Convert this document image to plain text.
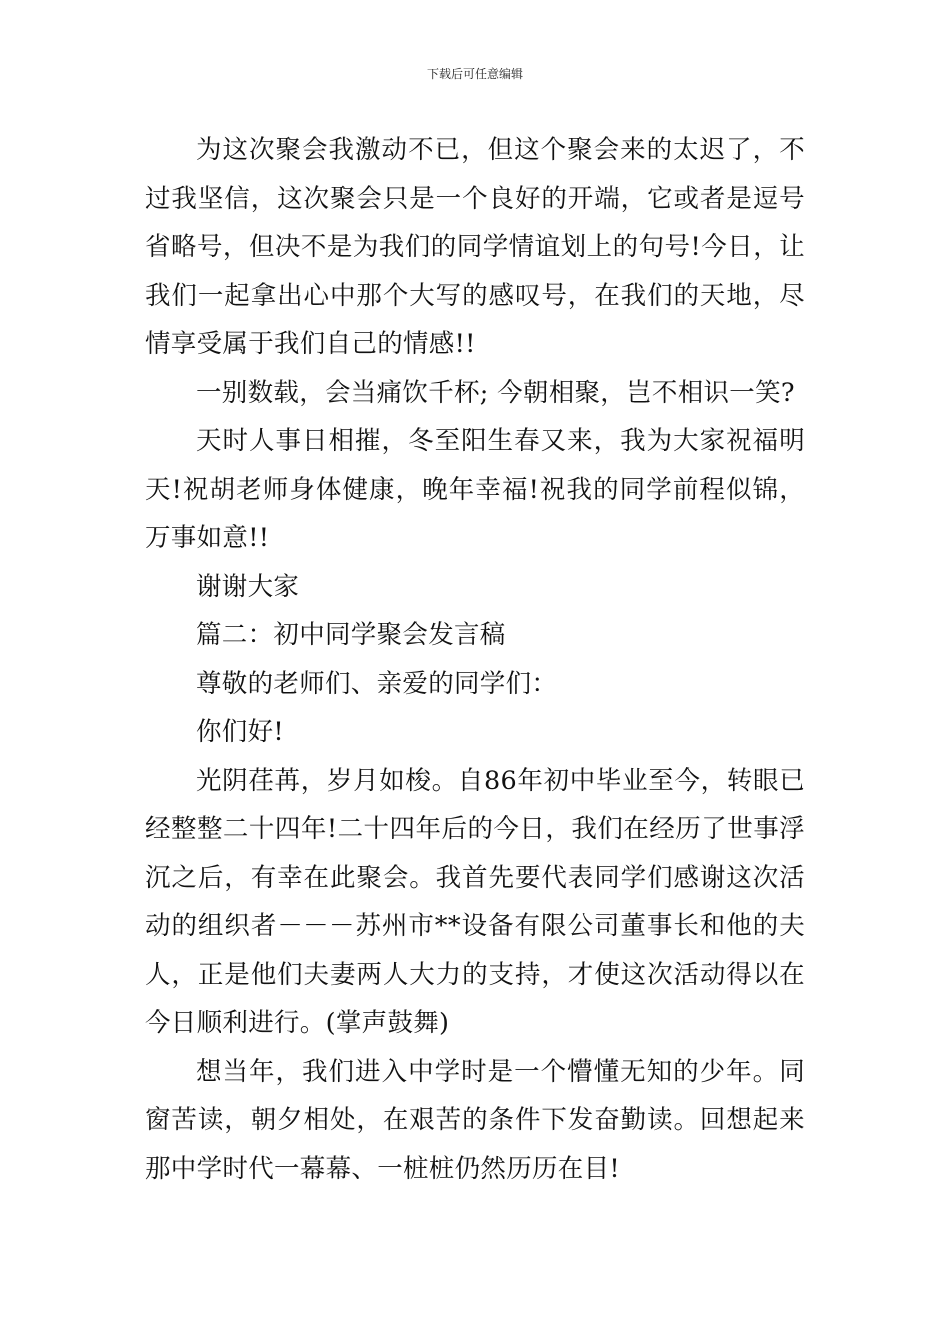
下载后可任意编辑

为这次聚会我激动不已，但这个聚会来的太迟了，不过我坚信，这次聚会只是一个良好的开端，它或者是逗号省略号，但决不是为我们的同学情谊划上的句号!今日，让我们一起拿出心中那个大写的感叹号，在我们的天地，尽情享受属于我们自己的情感!!

一别数载，会当痛饮千杯; 今朝相聚，岂不相识一笑?

天时人事日相摧，冬至阳生春又来，我为大家祝福明天!祝胡老师身体健康，晚年幸福!祝我的同学前程似锦，万事如意!!

谢谢大家

篇二：初中同学聚会发言稿

尊敬的老师们、亲爱的同学们：

你们好!

光阴荏苒，岁月如梭。自86年初中毕业至今，转眼已经整整二十四年!二十四年后的今日，我们在经历了世事浮沉之后，有幸在此聚会。我首先要代表同学们感谢这次活动的组织者－－－苏州市**设备有限公司董事长和他的夫人，正是他们夫妻两人大力的支持，才使这次活动得以在今日顺利进行。(掌声鼓舞)

想当年，我们进入中学时是一个懵懂无知的少年。同窗苦读，朝夕相处，在艰苦的条件下发奋勤读。回想起来那中学时代一幕幕、一桩桩仍然历历在目!
